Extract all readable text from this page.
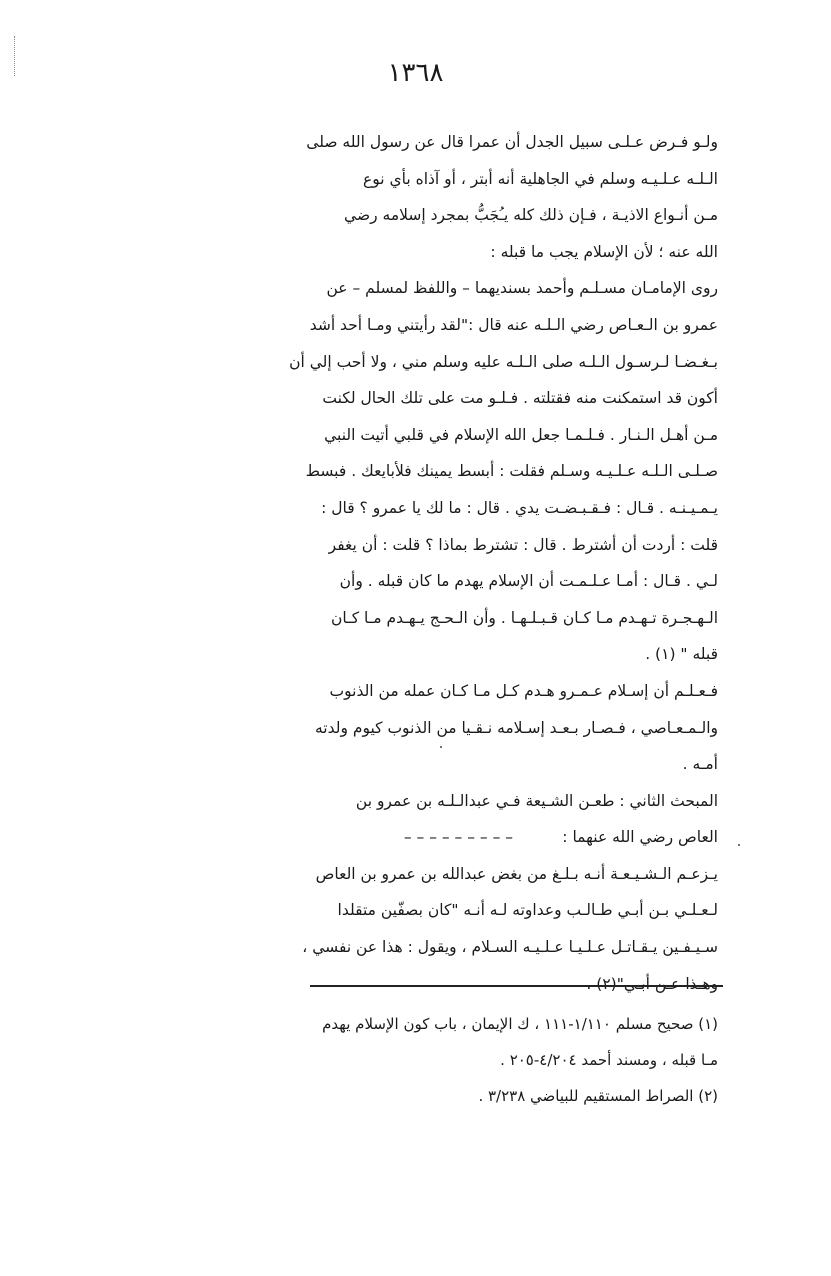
١٣٦٨

ولـو فـرض عـلـى سبيل الجدل أن عمرا قال عن رسول الله صلى

الـلـه عـلـيـه وسلم في الجاهلية أنه أبتر ، أو آذاه بأي نوع

مـن أنـواع الاذيـة ، فـإن ذلك كله يـُجَبُّ بمجرد إسلامه رضي

الله عنه ؛ لأن الإسلام يجب ما قبله :

روى الإمامـان مسـلـم وأحمد بسنديهما – واللفظ لمسلم – عن

عمرو بن الـعـاص رضي الـلـه عنه قال :"لقد رأيتني ومـا أحد أشد

بـغـضـا لـرسـول الـلـه صلى الـلـه عليه وسلم مني ، ولا أحب إلي أن

أكون قد استمكنت منه فقتلته . فـلـو مت على تلك الحال لكنت

مـن أهـل الـنـار . فـلـمـا جعل الله الإسلام في قلبي أتيت النبي

صـلـى الـلـه عـلـيـه وسـلم فقلت : أبسط يمينك فلأبايعك . فبسط

يـمـيـنـه . قـال : فـقـبـضـت يدي . قال : ما لك يا عمرو ؟ قال :

قلت : أردت أن أشترط . قال : تشترط بماذا ؟ قلت : أن يغفر

لـي . قـال : أمـا عـلـمـت أن الإسلام يهدم ما كان قبله . وأن

الـهـجـرة تـهـدم مـا كـان قـبـلـهـا . وأن الـحـج يـهـدم مـا كـان

قبله " (١) .

فـعـلـم أن إسـلام عـمـرو هـدم كـل مـا كـان عمله من الذنوب

والـمـعـاصي ، فـصـار بـعـد إسـلامه نـقـيا من الذنوب كيوم ولدته

أمـه .

المبحث الثاني : طعـن الشـيعة فـي عبدالـلـه بن عمرو بن

العاص رضي الله عنهما :          – – – – – – – – –

يـزعـم الـشـيـعـة أنـه بـلـغ من بغض عبدالله بن عمرو بن العاص

لـعـلـي بـن أبـي طـالـب وعداوته لـه أنـه "كان بصفّين متقلدا

سـيـفـين يـقـاتـل عـلـيـا عـلـيـه السـلام ، ويقول : هذا عن نفسي ،

وهـذا عـن أبـي"(٢) .

(١) صحيح مسلم ١/١١٠-١١١ ، ك الإيمان ، باب كون الإسلام يهدم

مـا قبله ، ومسند أحمد ٤/٢٠٤-٢٠٥ .

(٢) الصراط المستقيم للبياضي ٣/٢٣٨ .
